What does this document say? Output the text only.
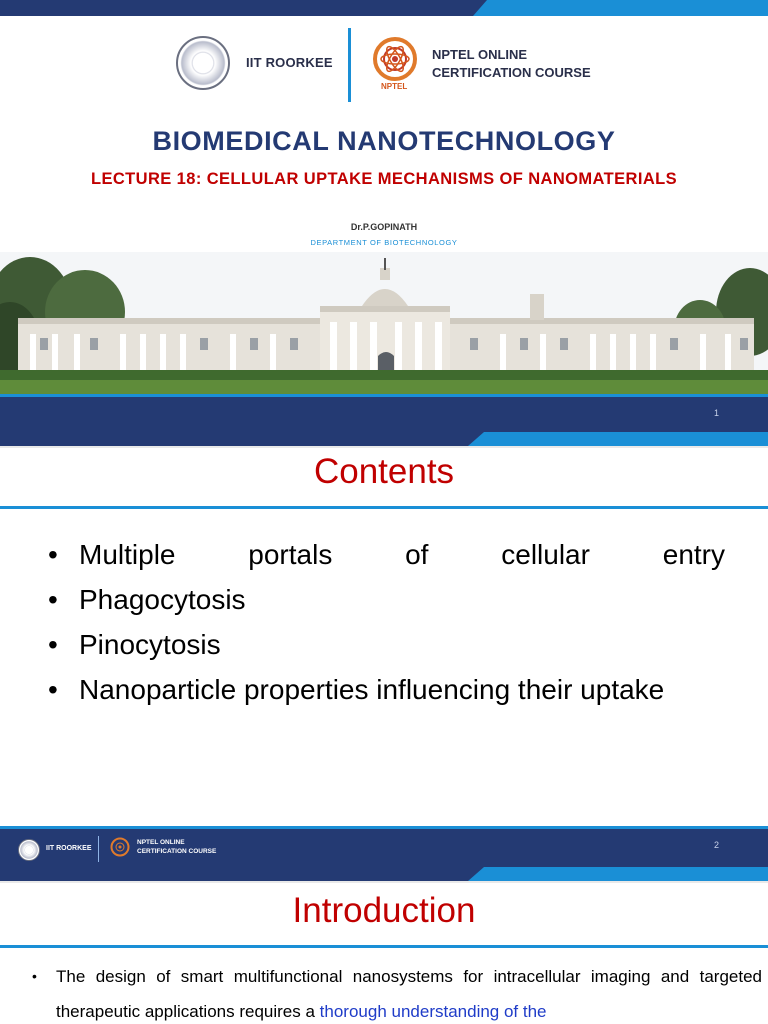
IIT ROORKEE
NPTEL
NPTEL ONLINE
CERTIFICATION COURSE
BIOMEDICAL NANOTECHNOLOGY
LECTURE 18: CELLULAR UPTAKE MECHANISMS OF NANOMATERIALS
Dr.P.GOPINATH
DEPARTMENT OF BIOTECHNOLOGY
1
Contents
• Multiple portals of cellular entry
• Phagocytosis
• Pinocytosis
• Nanoparticle properties influencing their uptake
IIT ROORKEE
NPTEL ONLINE
CERTIFICATION COURSE
2
Introduction

• The design of smart multifunctional nanosystems for intracellular imaging and targeted therapeutic applications requires a thorough understanding of the
